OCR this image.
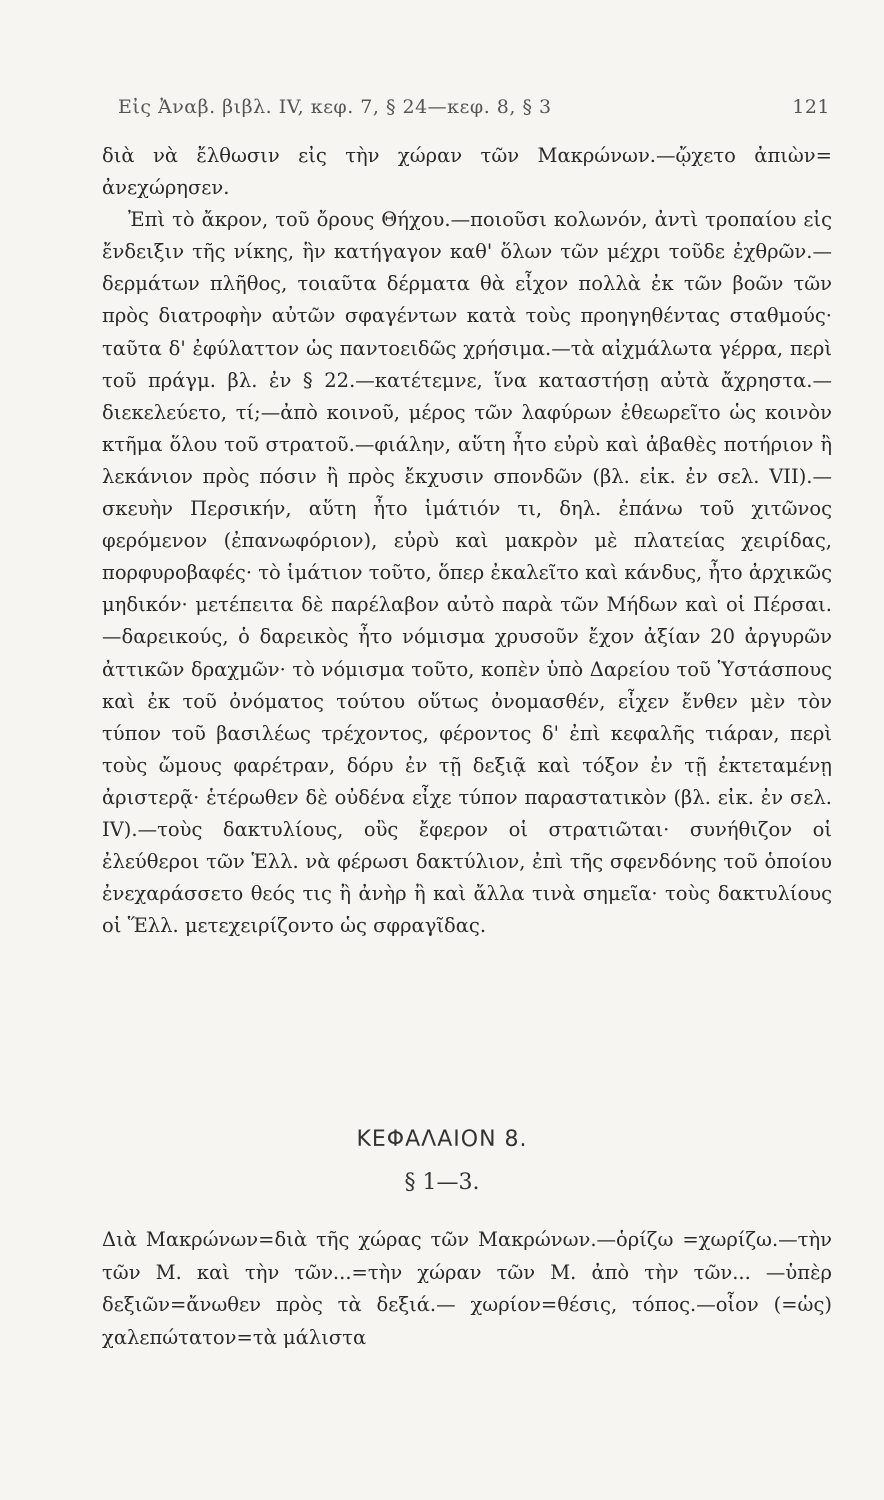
Εἰς Ἀναβ. βιβλ. IV, κεφ. 7, § 24—κεφ. 8, § 3	121

διὰ νὰ ἔλθωσιν εἰς τὴν χώραν τῶν Μακρώνων.—ᾤχετο ἀπιὼν= ἀνεχώρησεν.

Ἐπὶ τὸ ἄκρον, τοῦ ὄρους Θήχου.—ποιοῦσι κολωνόν, ἀντὶ τροπαίου εἰς ἔνδειξιν τῆς νίκης, ἣν κατήγαγον καθ' ὅλων τῶν μέχρι τοῦδε ἐχθρῶν.—δερμάτων πλῆθος, τοιαῦτα δέρματα θὰ εἶχον πολλὰ ἐκ τῶν βοῶν τῶν πρὸς διατροφὴν αὐτῶν σφαγέντων κατὰ τοὺς προηγηθέντας σταθμούς· ταῦτα δ' ἐφύλαττον ὡς παντοειδῶς χρήσιμα.—τὰ αἰχμάλωτα γέρρα, περὶ τοῦ πράγμ. βλ. ἐν § 22.—κατέτεμνε, ἵνα καταστήσῃ αὐτὰ ἄχρηστα.—διεκελεύετο, τί;—ἀπὸ κοινοῦ, μέρος τῶν λαφύρων ἐθεωρεῖτο ὡς κοινὸν κτῆμα ὅλου τοῦ στρατοῦ.—φιάλην, αὕτη ἦτο εὐρὺ καὶ ἀβαθὲς ποτήριον ἢ λεκάνιον πρὸς πόσιν ἢ πρὸς ἔκχυσιν σπονδῶν (βλ. εἰκ. ἐν σελ. VII).—σκευὴν Περσικήν, αὕτη ἦτο ἱμάτιόν τι, δηλ. ἐπάνω τοῦ χιτῶνος φερόμενον (ἐπανωφόριον), εὐρὺ καὶ μακρὸν μὲ πλατείας χειρίδας, πορφυροβαφές· τὸ ἱμάτιον τοῦτο, ὅπερ ἐκαλεῖτο καὶ κάνδυς, ἦτο ἀρχικῶς μηδικόν· μετέπειτα δὲ παρέλαβον αὐτὸ παρὰ τῶν Μήδων καὶ οἱ Πέρσαι.—δαρεικούς, ὁ δαρεικὸς ἦτο νόμισμα χρυσοῦν ἔχον ἀξίαν 20 ἀργυρῶν ἀττικῶν δραχμῶν· τὸ νόμισμα τοῦτο, κοπὲν ὑπὸ Δαρείου τοῦ Ὑστάσπους καὶ ἐκ τοῦ ὀνόματος τούτου οὕτως ὀνομασθέν, εἶχεν ἔνθεν μὲν τὸν τύπον τοῦ βασιλέως τρέχοντος, φέροντος δ' ἐπὶ κεφαλῆς τιάραν, περὶ τοὺς ὤμους φαρέτραν, δόρυ ἐν τῇ δεξιᾷ καὶ τόξον ἐν τῇ ἐκτεταμένῃ ἀριστερᾷ· ἑτέρωθεν δὲ οὐδένα εἶχε τύπον παραστατικὸν (βλ. εἰκ. ἐν σελ. IV).—τοὺς δακτυλίους, οὓς ἔφερον οἱ στρατιῶται· συνήθιζον οἱ ἐλεύθεροι τῶν Ἑλλ. νὰ φέρωσι δακτύλιον, ἐπὶ τῆς σφενδόνης τοῦ ὁποίου ἐνεχαράσσετο θεός τις ἢ ἀνὴρ ἢ καὶ ἄλλα τινὰ σημεῖα· τοὺς δακτυλίους οἱ Ἕλλ. μετεχειρίζοντο ὡς σφραγῖδας.

ΚΕΦΑΛΑΙΟΝ 8.
§ 1—3.

Διὰ Μακρώνων=διὰ τῆς χώρας τῶν Μακρώνων.—ὁρίζω =χωρίζω.—τὴν τῶν Μ. καὶ τὴν τῶν...=τὴν χώραν τῶν Μ. ἀπὸ τὴν τῶν... —ὑπὲρ δεξιῶν=ἄνωθεν πρὸς τὰ δεξιά.— χωρίον=θέσις, τόπος.—οἷον (=ὡς) χαλεπώτατον=τὰ μάλιστα
